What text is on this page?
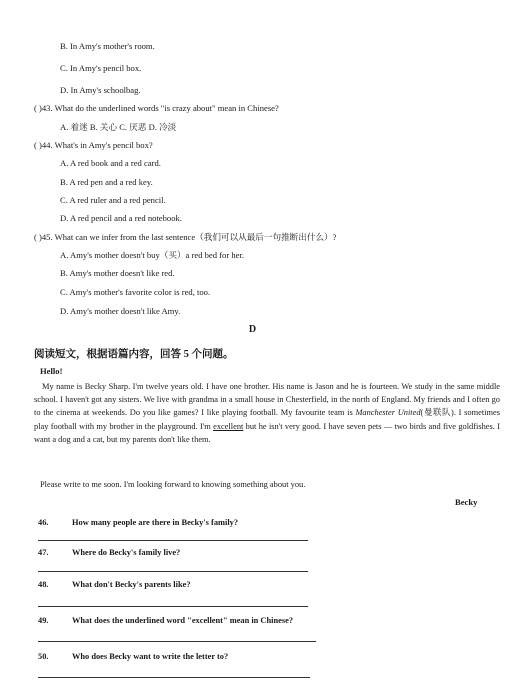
B. In Amy's mother's room.
C. In Amy's pencil box.
D. In Amy's schoolbag.
( )43. What do the underlined words "is crazy about" mean in Chinese?
A. 着迷 B. 关心 C. 厌恶 D. 冷淡
( )44. What's in Amy's pencil box?
A. A red book and a red card.
B. A red pen and a red key.
C. A red ruler and a red pencil.
D. A red pencil and a red notebook.
( )45. What can we infer from the last sentence（我们可以从最后一句推断出什么）?
A. Amy's mother doesn't buy（买）a red bed for her.
B. Amy's mother doesn't like red.
C. Amy's mother's favorite color is red, too.
D. Amy's mother doesn't like Amy.
D
阅读短文，根据语篇内容，回答 5 个问题。
Hello!
My name is Becky Sharp. I'm twelve years old. I have one brother. His name is Jason and he is fourteen. We study in the same middle school. I haven't got any sisters. We live with grandma in a small house in Chesterfield, in the north of England. My friends and I often go to the cinema at weekends. Do you like games? I like playing football. My favourite team is Manchester United(曼联队). I sometimes play football with my brother in the playground. I'm excellent but he isn't very good. I have seven pets — two birds and five goldfishes. I want a dog and a cat, but my parents don't like them.
Please write to me soon. I'm looking forward to knowing something about you.
Becky
46.	How many people are there in Becky's family?
47.	Where do Becky's family live?
48.	What don't Becky's parents like?
49.	What does the underlined word "excellent" mean in Chinese?
50.	Who does Becky want to write the letter to?
